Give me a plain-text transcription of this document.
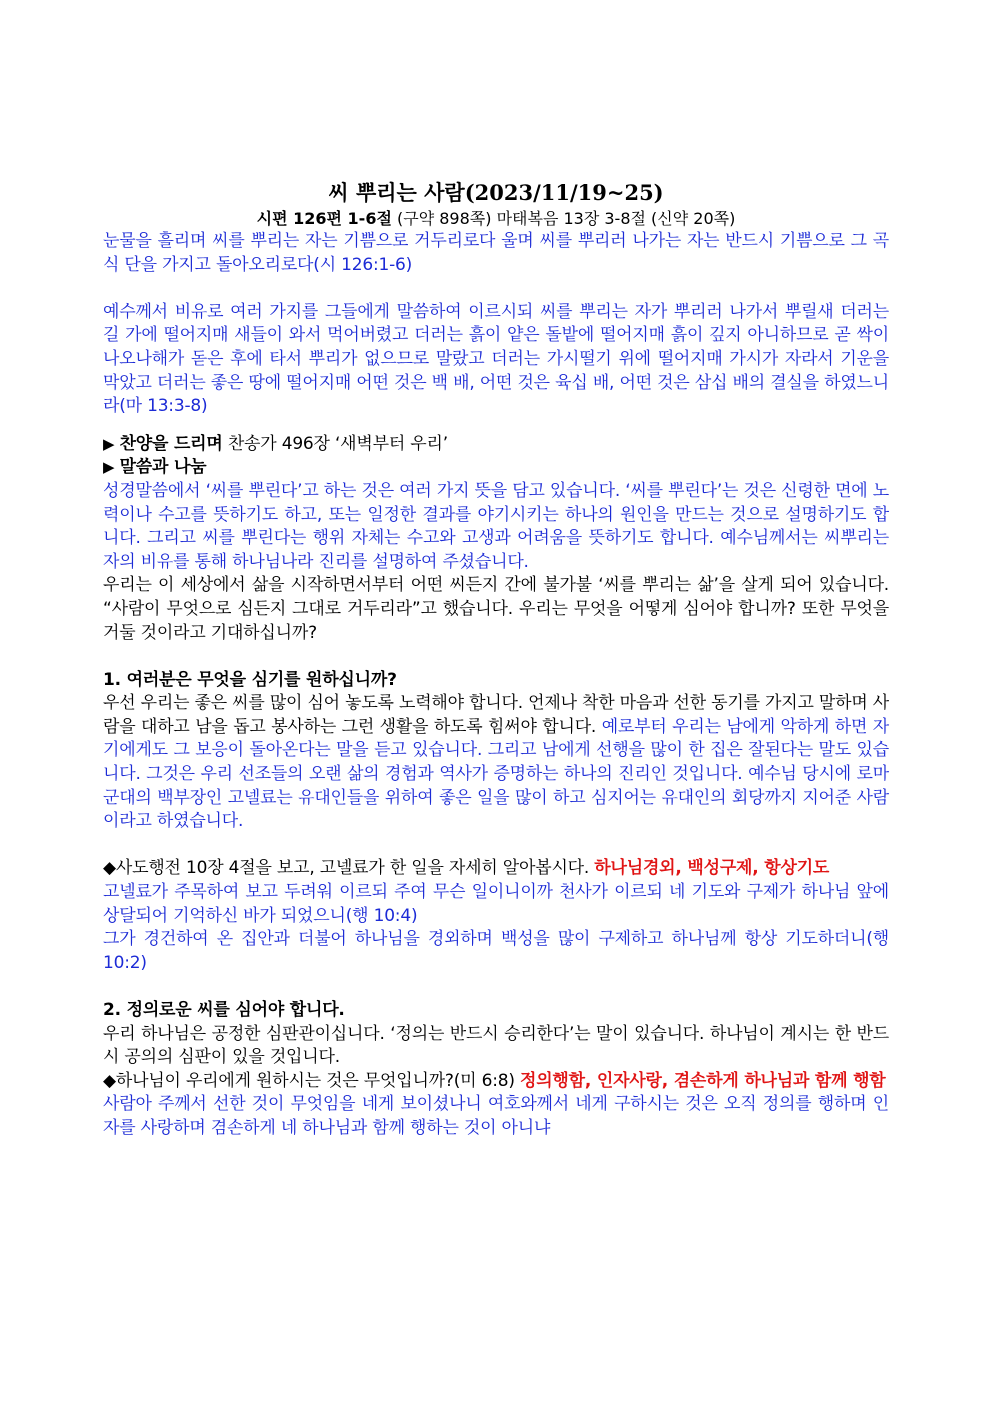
씨 뿌리는 사람(2023/11/19~25)
시편 126편 1-6절 (구약 898쪽) 마태복음 13장 3-8절 (신약 20쪽)

눈물을 흘리며 씨를 뿌리는 자는 기쁨으로 거두리로다 울며 씨를 뿌리러 나가는 자는 반드시 기쁨으로 그 곡식 단을 가지고 돌아오리로다(시 126:1-6)

예수께서 비유로 여러 가지를 그들에게 말씀하여 이르시되 씨를 뿌리는 자가 뿌리러 나가서 뿌릴새 더러는 길 가에 떨어지매 새들이 와서 먹어버렸고 더러는 흙이 얕은 돌밭에 떨어지매 흙이 깊지 아니하므로 곧 싹이 나오나해가 돋은 후에 타서 뿌리가 없으므로 말랐고 더러는 가시떨기 위에 떨어지매 가시가 자라서 기운을 막았고 더러는 좋은 땅에 떨어지매 어떤 것은 백 배, 어떤 것은 육십 배, 어떤 것은 삼십 배의 결실을 하였느니라(마 13:3-8)

▶ 찬양을 드리며 찬송가 496장 ‘새벽부터 우리’

▶ 말씀과 나눔

성경말씀에서 ‘씨를 뿌린다’고 하는 것은 여러 가지 뜻을 담고 있습니다. ‘씨를 뿌린다’는 것은 신령한 면에 노력이나 수고를 뜻하기도 하고, 또는 일정한 결과를 야기시키는 하나의 원인을 만드는 것으로 설명하기도 합니다. 그리고 씨를 뿌린다는 행위 자체는 수고와 고생과 어려움을 뜻하기도 합니다. 예수님께서는 씨뿌리는 자의 비유를 통해 하나님나라 진리를 설명하여 주셨습니다.

우리는 이 세상에서 삶을 시작하면서부터 어떤 씨든지 간에 불가불 ‘씨를 뿌리는 삶’을 살게 되어 있습니다. “사람이 무엇으로 심든지 그대로 거두리라”고 했습니다. 우리는 무엇을 어떻게 심어야 합니까? 또한 무엇을 거둘 것이라고 기대하십니까?

1. 여러분은 무엇을 심기를 원하십니까?

우선 우리는 좋은 씨를 많이 심어 놓도록 노력해야 합니다. 언제나 착한 마음과 선한 동기를 가지고 말하며 사람을 대하고 남을 돕고 봉사하는 그런 생활을 하도록 힘써야 합니다. 예로부터 우리는 남에게 악하게 하면 자기에게도 그 보응이 돌아온다는 말을 듣고 있습니다. 그리고 남에게 선행을 많이 한 집은 잘된다는 말도 있습니다. 그것은 우리 선조들의 오랜 삶의 경험과 역사가 증명하는 하나의 진리인 것입니다. 예수님 당시에 로마군대의 백부장인 고넬료는 유대인들을 위하여 좋은 일을 많이 하고 심지어는 유대인의 회당까지 지어준 사람이라고 하였습니다.

◆사도행전 10장 4절을 보고, 고넬료가 한 일을 자세히 알아봅시다. 하나님경외, 백성구제, 항상기도

고넬료가 주목하여 보고 두려워 이르되 주여 무슨 일이니이까 천사가 이르되 네 기도와 구제가 하나님 앞에 상달되어 기억하신 바가 되었으니(행 10:4)

그가 경건하여 온 집안과 더불어 하나님을 경외하며 백성을 많이 구제하고 하나님께 항상 기도하더니(행 10:2)

2. 정의로운 씨를 심어야 합니다.

우리 하나님은 공정한 심판관이십니다. ‘정의는 반드시 승리한다’는 말이 있습니다. 하나님이 계시는 한 반드시 공의의 심판이 있을 것입니다.

◆하나님이 우리에게 원하시는 것은 무엇입니까?(미 6:8) 정의행함, 인자사랑, 겸손하게 하나님과 함께 행함

사람아 주께서 선한 것이 무엇임을 네게 보이셨나니 여호와께서 네게 구하시는 것은 오직 정의를 행하며 인자를 사랑하며 겸손하게 네 하나님과 함께 행하는 것이 아니냐
